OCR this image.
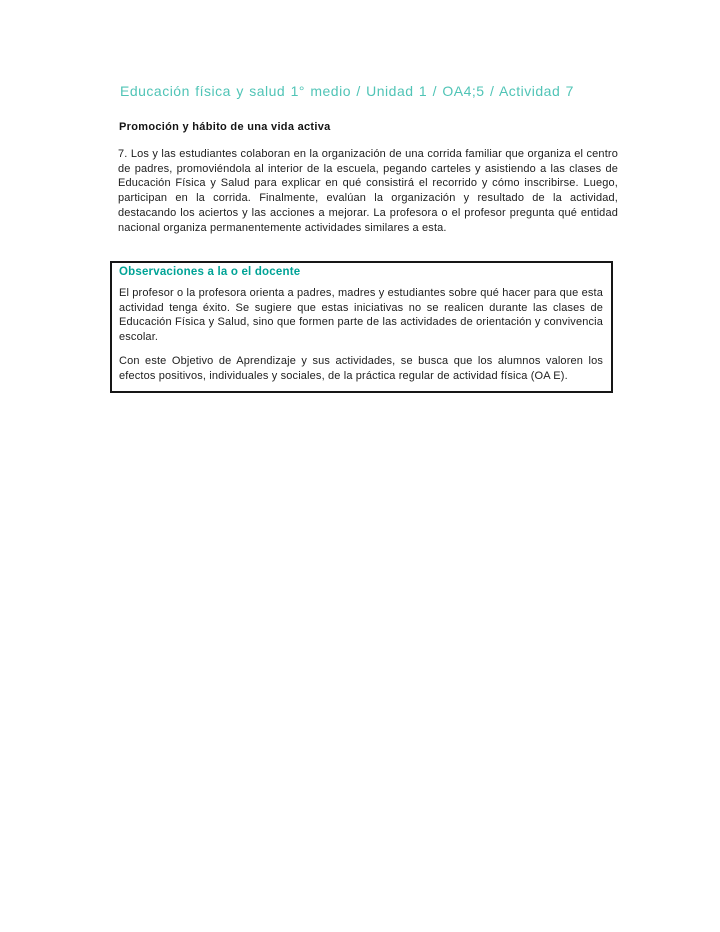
Educación física y salud 1° medio / Unidad 1 / OA4;5 / Actividad 7
Promoción y hábito de una vida activa

7. Los y las estudiantes colaboran en la organización de una corrida familiar que organiza el centro de padres, promoviéndola al interior de la escuela, pegando carteles y asistiendo a las clases de Educación Física y Salud para explicar en qué consistirá el recorrido y cómo inscribirse. Luego, participan en la corrida. Finalmente, evalúan la organización y resultado de la actividad, destacando los aciertos y las acciones a mejorar. La profesora o el profesor pregunta qué entidad nacional organiza permanentemente actividades similares a esta.

Observaciones a la o el docente

El profesor o la profesora orienta a padres, madres y estudiantes sobre qué hacer para que esta actividad tenga éxito. Se sugiere que estas iniciativas no se realicen durante las clases de Educación Física y Salud, sino que formen parte de las actividades de orientación y convivencia escolar.

Con este Objetivo de Aprendizaje y sus actividades, se busca que los alumnos valoren los efectos positivos, individuales y sociales, de la práctica regular de actividad física (OA E).
